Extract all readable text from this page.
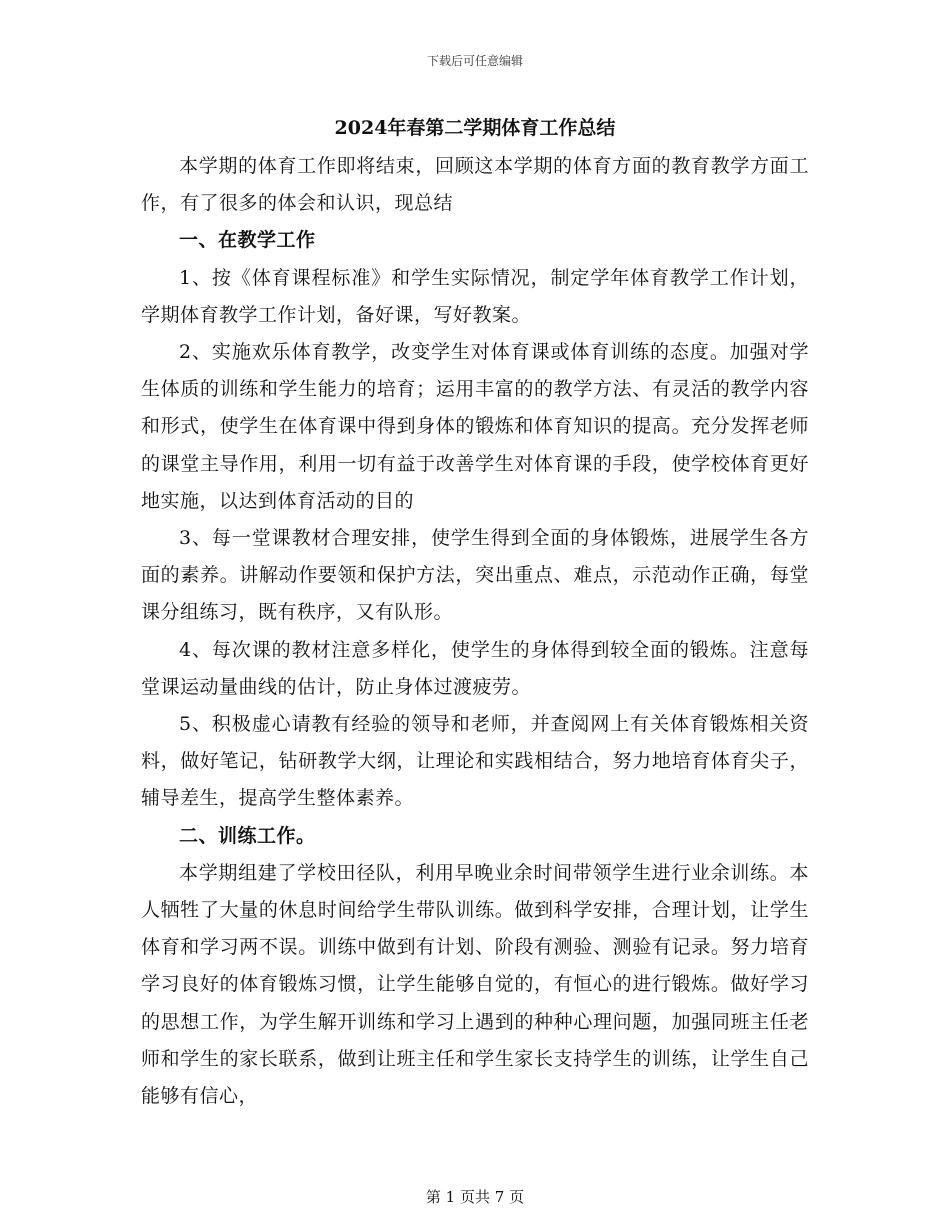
下载后可任意编辑
2024年春第二学期体育工作总结

本学期的体育工作即将结束，回顾这本学期的体育方面的教育教学方面工作，有了很多的体会和认识，现总结

一、在教学工作

1、按《体育课程标准》和学生实际情况，制定学年体育教学工作计划，学期体育教学工作计划，备好课，写好教案。

2、实施欢乐体育教学，改变学生对体育课或体育训练的态度。加强对学生体质的训练和学生能力的培育；运用丰富的的教学方法、有灵活的教学内容和形式，使学生在体育课中得到身体的锻炼和体育知识的提高。充分发挥老师的课堂主导作用，利用一切有益于改善学生对体育课的手段，使学校体育更好地实施，以达到体育活动的目的

3、每一堂课教材合理安排，使学生得到全面的身体锻炼，进展学生各方面的素养。讲解动作要领和保护方法，突出重点、难点，示范动作正确，每堂课分组练习，既有秩序，又有队形。

4、每次课的教材注意多样化，使学生的身体得到较全面的锻炼。注意每堂课运动量曲线的估计，防止身体过渡疲劳。

5、积极虚心请教有经验的领导和老师，并查阅网上有关体育锻炼相关资料，做好笔记，钻研教学大纲，让理论和实践相结合，努力地培育体育尖子，辅导差生，提高学生整体素养。

二、训练工作。

本学期组建了学校田径队，利用早晚业余时间带领学生进行业余训练。本人牺牲了大量的休息时间给学生带队训练。做到科学安排，合理计划，让学生体育和学习两不误。训练中做到有计划、阶段有测验、测验有记录。努力培育学习良好的体育锻炼习惯，让学生能够自觉的，有恒心的进行锻炼。做好学习的思想工作，为学生解开训练和学习上遇到的种种心理问题，加强同班主任老师和学生的家长联系，做到让班主任和学生家长支持学生的训练，让学生自己能够有信心，

第 1 页共 7 页
